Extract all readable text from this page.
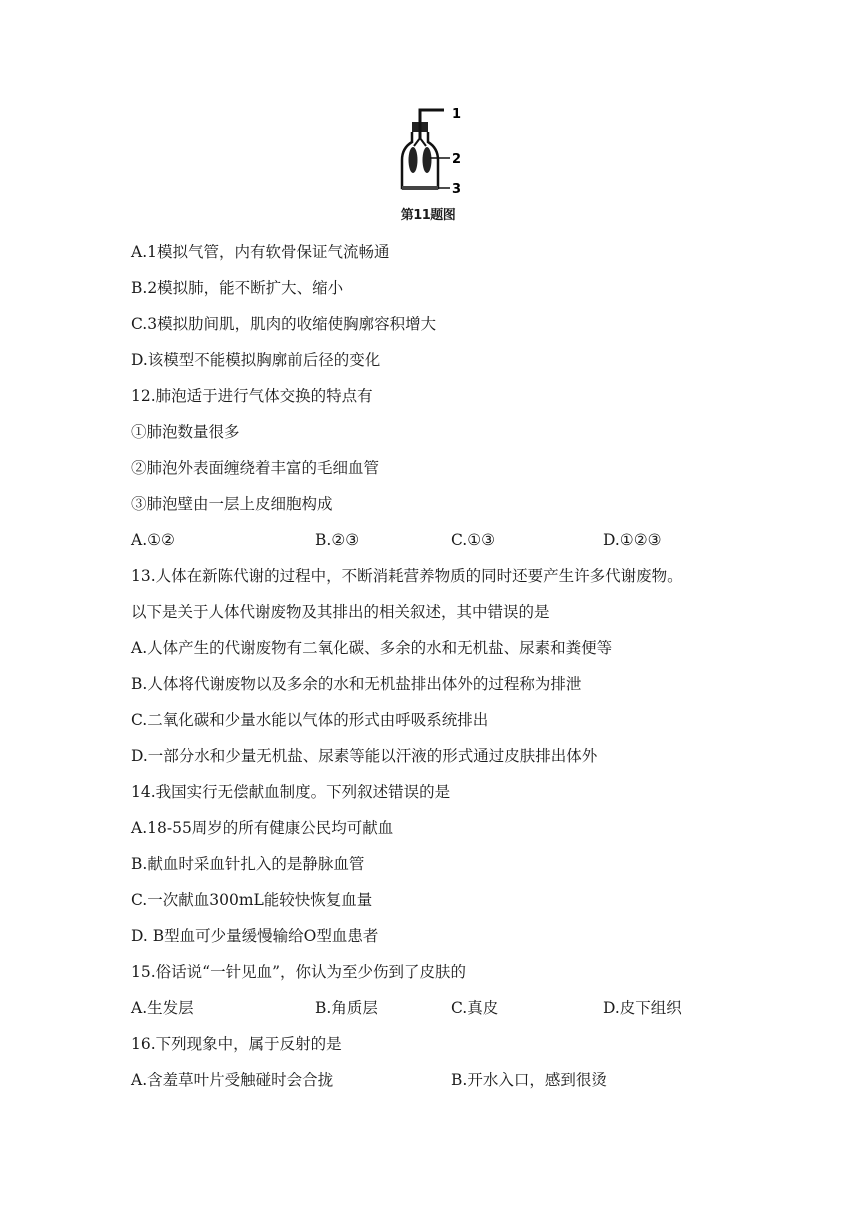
1
2
3
第11题图
A.1模拟气管，内有软骨保证气流畅通
B.2模拟肺，能不断扩大、缩小
C.3模拟肋间肌，肌肉的收缩使胸廓容积增大
D.该模型不能模拟胸廓前后径的变化
12.肺泡适于进行气体交换的特点有
①肺泡数量很多
②肺泡外表面缠绕着丰富的毛细血管
③肺泡壁由一层上皮细胞构成
A.①②	B.②③	C.①③	D.①②③
13.人体在新陈代谢的过程中，不断消耗营养物质的同时还要产生许多代谢废物。
以下是关于人体代谢废物及其排出的相关叙述，其中错误的是
A.人体产生的代谢废物有二氧化碳、多余的水和无机盐、尿素和粪便等
B.人体将代谢废物以及多余的水和无机盐排出体外的过程称为排泄
C.二氧化碳和少量水能以气体的形式由呼吸系统排出
D.一部分水和少量无机盐、尿素等能以汗液的形式通过皮肤排出体外
14.我国实行无偿献血制度。下列叙述错误的是
A.18-55周岁的所有健康公民均可献血
B.献血时采血针扎入的是静脉血管
C.一次献血300mL能较快恢复血量
D. B型血可少量缓慢输给O型血患者
15.俗话说“一针见血”，你认为至少伤到了皮肤的
A.生发层	B.角质层	C.真皮	D.皮下组织
16.下列现象中，属于反射的是
A.含羞草叶片受触碰时会合拢	B.开水入口，感到很烫
